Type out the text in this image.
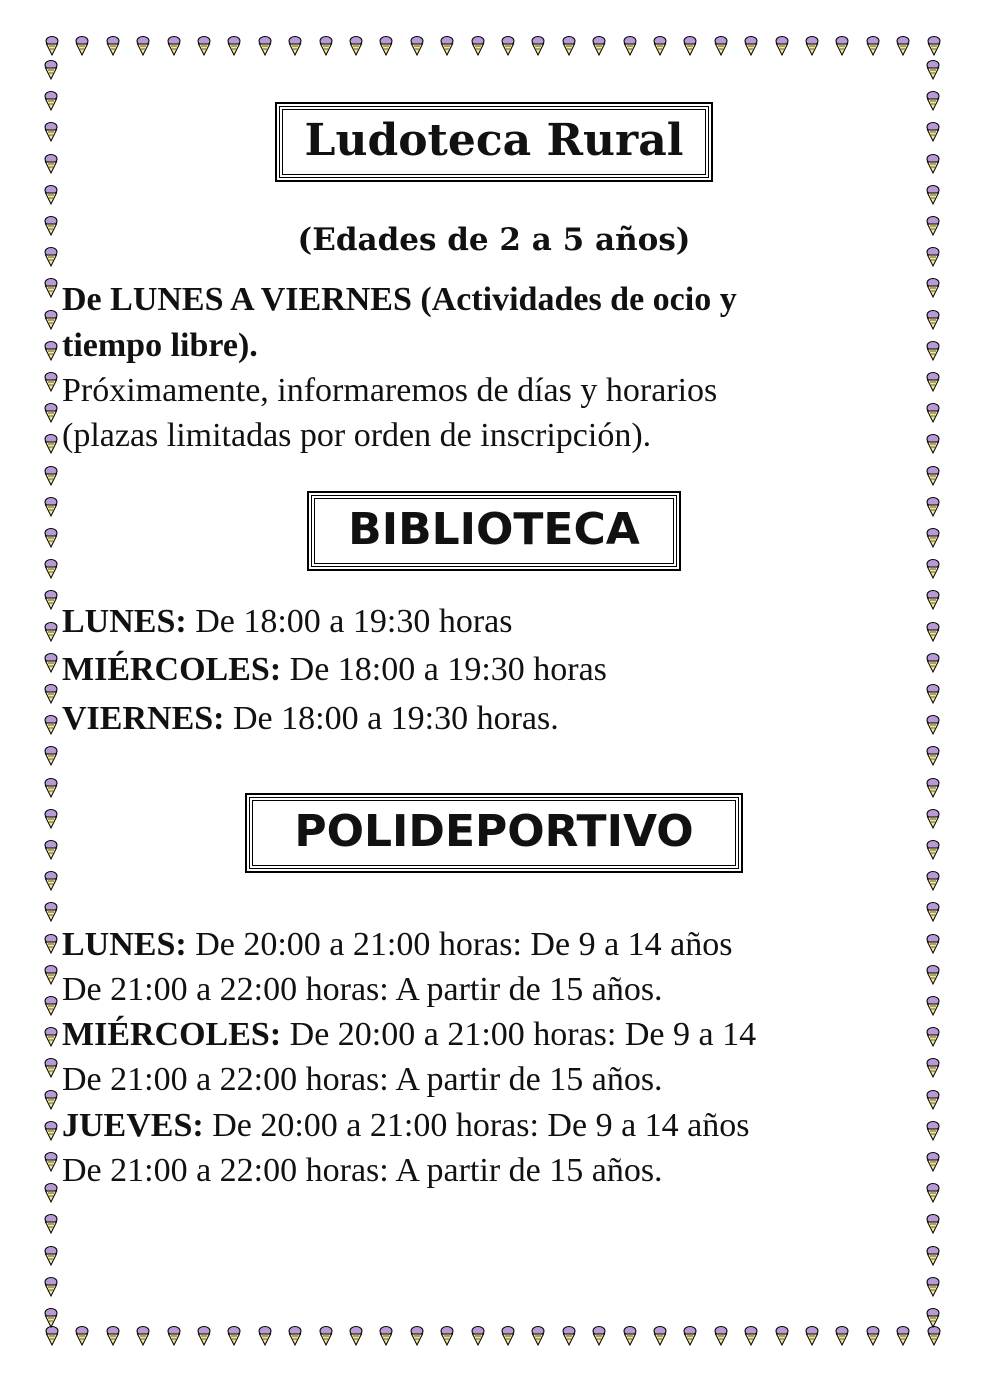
Ludoteca Rural
(Edades de 2 a 5 años)
De LUNES A VIERNES (Actividades de ocio y
tiempo libre).
Próximamente, informaremos de días y horarios
(plazas limitadas por orden de inscripción).
BIBLIOTECA
LUNES: De 18:00 a 19:30 horas
MIÉRCOLES: De 18:00 a 19:30 horas
VIERNES: De 18:00 a 19:30 horas.
POLIDEPORTIVO
LUNES: De 20:00 a 21:00 horas: De 9 a 14 años
De 21:00 a 22:00 horas: A partir de 15 años.
MIÉRCOLES: De 20:00 a 21:00 horas: De 9 a 14
De 21:00 a 22:00 horas: A partir de 15 años.
JUEVES: De 20:00 a 21:00 horas: De 9 a 14 años
De 21:00 a 22:00 horas: A partir de 15 años.
